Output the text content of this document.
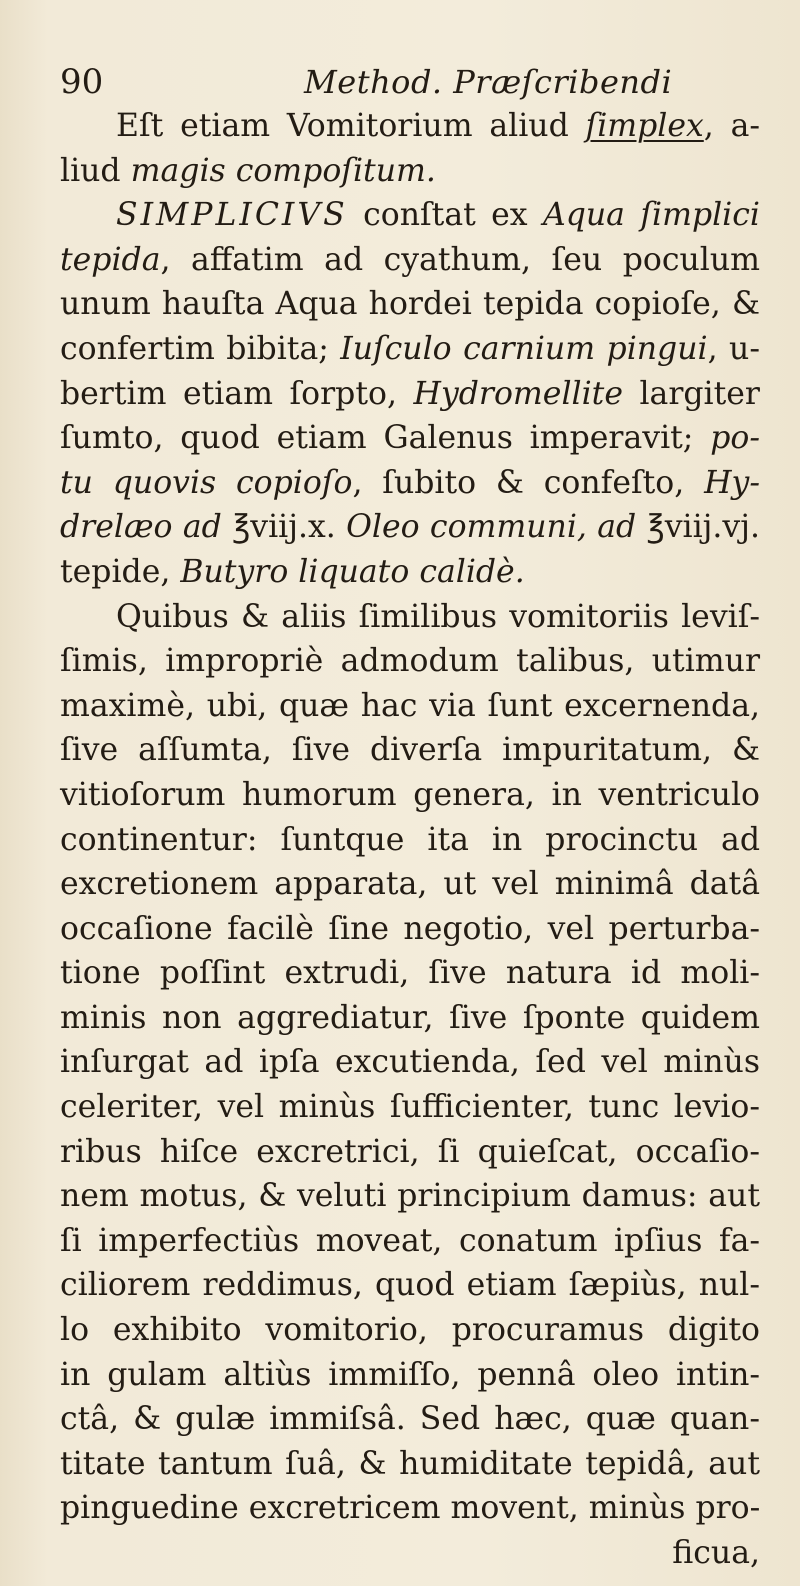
90	Method. Præſcribendi
Eſt etiam Vomitorium aliud ſimplex, a-
liud magis compoſitum.
SIMPLICIVS conſtat ex Aqua ſimplici
tepida, affatim ad cyathum, ſeu poculum
unum hauſta Aqua hordei tepida copioſe, &
confertim bibita; Iuſculo carnium pingui, u-
bertim etiam ſorpto, Hydromellite largiter
ſumto, quod etiam Galenus imperavit; po-
tu quovis copioſo, ſubito & confeſto, Hy-
drelæo ad ℥viij.x. Oleo communi, ad ℥viij.vj.
tepide, Butyro liquato calidè.
Quibus & aliis ſimilibus vomitoriis leviſ-
ſimis, impropriè admodum talibus, utimur
maximè, ubi, quæ hac via ſunt excernenda,
ſive aſſumta, ſive diverſa impuritatum, &
vitioſorum humorum genera, in ventriculo
continentur: ſuntque ita in procinctu ad
excretionem apparata, ut vel minimâ datâ
occaſione facilè ſine negotio, vel perturba-
tione poſſint extrudi, ſive natura id moli-
minis non aggrediatur, ſive ſponte quidem
inſurgat ad ipſa excutienda, ſed vel minùs
celeriter, vel minùs ſufficienter, tunc levio-
ribus hiſce excretrici, ſi quieſcat, occaſio-
nem motus, & veluti principium damus: aut
ſi imperfectiùs moveat, conatum ipſius fa-
ciliorem reddimus, quod etiam ſæpiùs, nul-
lo exhibito vomitorio, procuramus digito
in gulam altiùs immiſſo, pennâ oleo intin-
ctâ, & gulæ immiſsâ. Sed hæc, quæ quan-
titate tantum ſuâ, & humiditate tepidâ, aut
pinguedine excretricem movent, minùs pro-
ficua,
